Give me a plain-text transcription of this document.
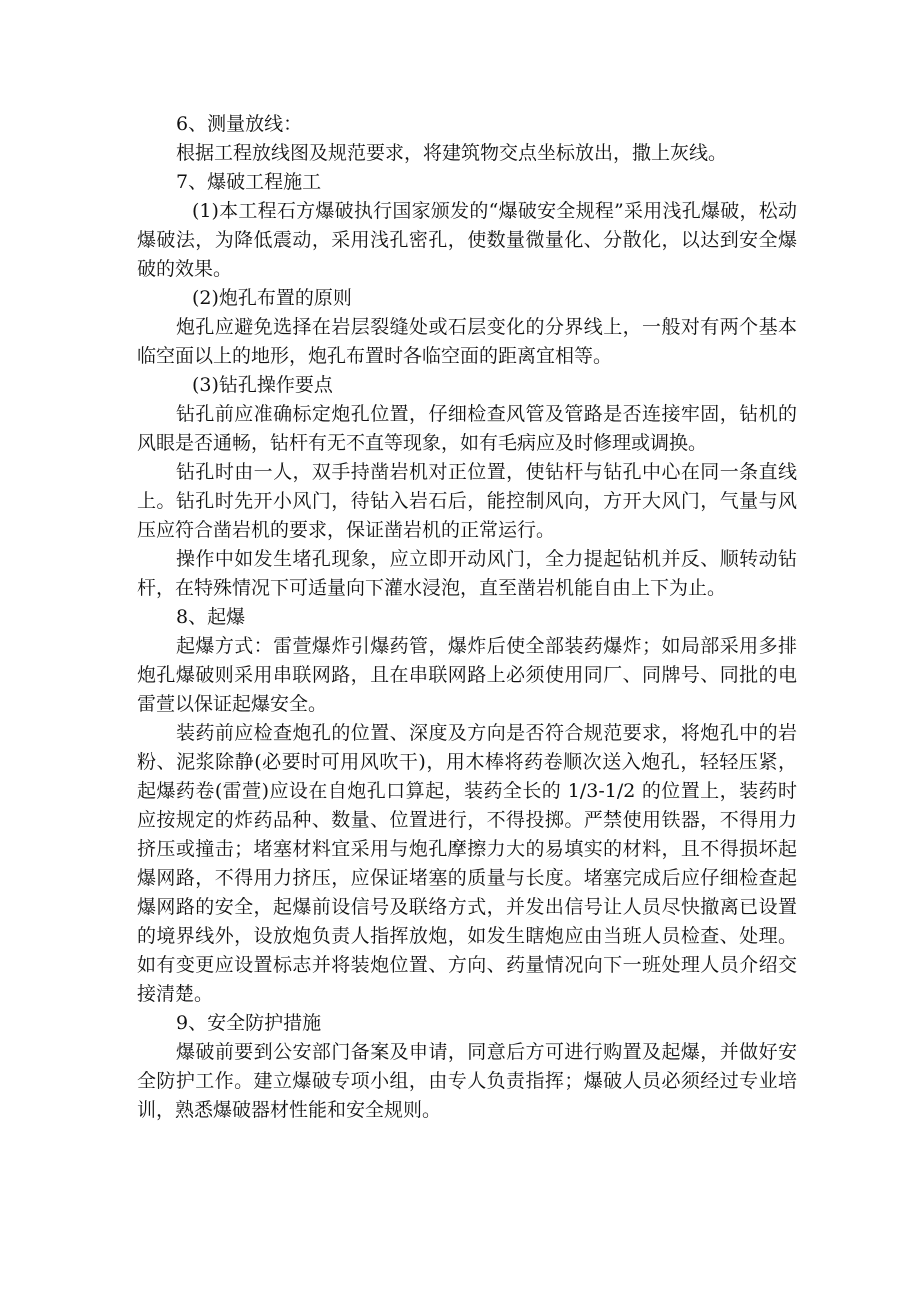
6、测量放线：

根据工程放线图及规范要求，将建筑物交点坐标放出，撒上灰线。

7、爆破工程施工

(1)本工程石方爆破执行国家颁发的“爆破安全规程”采用浅孔爆破，松动爆破法，为降低震动，采用浅孔密孔，使数量微量化、分散化，以达到安全爆破的效果。

(2)炮孔布置的原则

炮孔应避免选择在岩层裂缝处或石层变化的分界线上，一般对有两个基本临空面以上的地形，炮孔布置时各临空面的距离宜相等。

(3)钻孔操作要点

钻孔前应准确标定炮孔位置，仔细检查风管及管路是否连接牢固，钻机的风眼是否通畅，钻杆有无不直等现象，如有毛病应及时修理或调换。

钻孔时由一人，双手持凿岩机对正位置，使钻杆与钻孔中心在同一条直线上。钻孔时先开小风门，待钻入岩石后，能控制风向，方开大风门，气量与风压应符合凿岩机的要求，保证凿岩机的正常运行。

操作中如发生堵孔现象，应立即开动风门，全力提起钻机并反、顺转动钻杆，在特殊情况下可适量向下灌水浸泡，直至凿岩机能自由上下为止。

8、起爆

起爆方式：雷萱爆炸引爆药管，爆炸后使全部装药爆炸；如局部采用多排炮孔爆破则采用串联网路，且在串联网路上必须使用同厂、同牌号、同批的电雷萱以保证起爆安全。

装药前应检查炮孔的位置、深度及方向是否符合规范要求，将炮孔中的岩粉、泥浆除静(必要时可用风吹干)，用木棒将药卷顺次送入炮孔，轻轻压紧，起爆药卷(雷萱)应设在自炮孔口算起，装药全长的 1/3-1/2 的位置上，装药时应按规定的炸药品种、数量、位置进行，不得投掷。严禁使用铁器，不得用力挤压或撞击；堵塞材料宜采用与炮孔摩擦力大的易填实的材料，且不得损坏起爆网路，不得用力挤压，应保证堵塞的质量与长度。堵塞完成后应仔细检查起爆网路的安全，起爆前设信号及联络方式，并发出信号让人员尽快撤离已设置的境界线外，设放炮负责人指挥放炮，如发生瞎炮应由当班人员检查、处理。如有变更应设置标志并将装炮位置、方向、药量情况向下一班处理人员介绍交接清楚。

9、安全防护措施

爆破前要到公安部门备案及申请，同意后方可进行购置及起爆，并做好安全防护工作。建立爆破专项小组，由专人负责指挥；爆破人员必须经过专业培训，熟悉爆破器材性能和安全规则。
